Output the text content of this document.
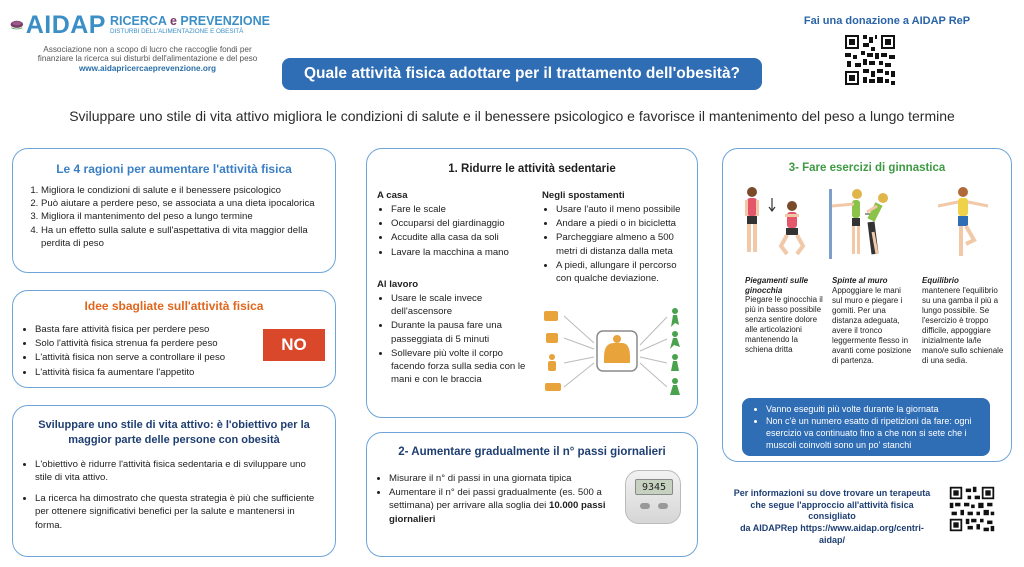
AIDAP RICERCA e PREVENZIONE
DISTURBI DELL'ALIMENTAZIONE E OBESITÀ
Associazione non a scopo di lucro che raccoglie fondi per
finanziare la ricerca sui disturbi dell'alimentazione e del peso
www.aidapricercaeprevenzione.org	Quale attività fisica adottare per il trattamento dell'obesità?
Fai una donazione a AIDAP ReP
Sviluppare uno stile di vita attivo migliora le condizioni di salute e il benessere psicologico e favorisce il mantenimento del peso a lungo termine
Le 4 ragioni per aumentare l'attività fisica
1. Migliora le condizioni di salute e il benessere psicologico
2. Può aiutare a perdere peso, se associata a una dieta ipocalorica
3. Migliora il mantenimento del peso a lungo termine
4. Ha un effetto sulla salute e sull'aspettativa di vita maggior della perdita di peso
Idee sbagliate sull'attività fisica
• Basta fare attività fisica per perdere peso
• Solo l'attività fisica strenua fa perdere peso
• L'attività fisica non serve a controllare il peso
• L'attività fisica fa aumentare l'appetito
NO
Sviluppare uno stile di vita attivo: è l'obiettivo per la
maggior parte delle persone con obesità
• L'obiettivo è ridurre l'attività fisica sedentaria e di sviluppare uno stile di vita attivo.
• La ricerca ha dimostrato che questa strategia è più che sufficiente per ottenere significativi benefici per la salute e mantenersi in forma.
1. Ridurre le attività sedentarie
A casa
• Fare le scale
• Occuparsi del giardinaggio
• Accudite alla casa da soli
• Lavare la macchina a mano
Al lavoro
• Usare le scale invece dell'ascensore
• Durante la pausa fare una passeggiata di 5 minuti
• Sollevare più volte il corpo facendo forza sulla sedia con le mani e con le braccia
Negli spostamenti
• Usare l'auto il meno possibile
• Andare a piedi o in bicicletta
• Parcheggiare almeno a 500 metri di distanza dalla meta
• A piedi, allungare il percorso con qualche deviazione.
2- Aumentare gradualmente il n° passi giornalieri
• Misurare il n° di passi in una giornata tipica
• Aumentare il n° dei passi gradualmente (es. 500 a settimana) per arrivare alla soglia dei 10.000 passi giornalieri
9345
3- Fare esercizi di ginnastica
Piegamenti sulle ginocchia
Piegare le ginocchia il più in basso possibile senza sentire dolore alle articolazioni mantenendo la schiena dritta
Spinte al muro
Appoggiare le mani sul muro e piegare i gomiti. Per una distanza adeguata, avere il tronco leggermente flesso in avanti come posizione di partenza.
Equilibrio
mantenere l'equilibrio su una gamba il più a lungo possibile. Se l'esercizio è troppo difficile, appoggiare inizialmente la/le mano/e sullo schienale di una sedia.
• Vanno eseguiti più volte durante la giornata
• Non c'è un numero esatto di ripetizioni da fare: ogni esercizio va continuato fino a che non si sete che i muscoli coinvolti sono un po' stanchi
Per informazioni su dove trovare un terapeuta
che segue l'approccio all'attività fisica consigliato
da AIDAPRep https://www.aidap.org/centri-
aidap/
